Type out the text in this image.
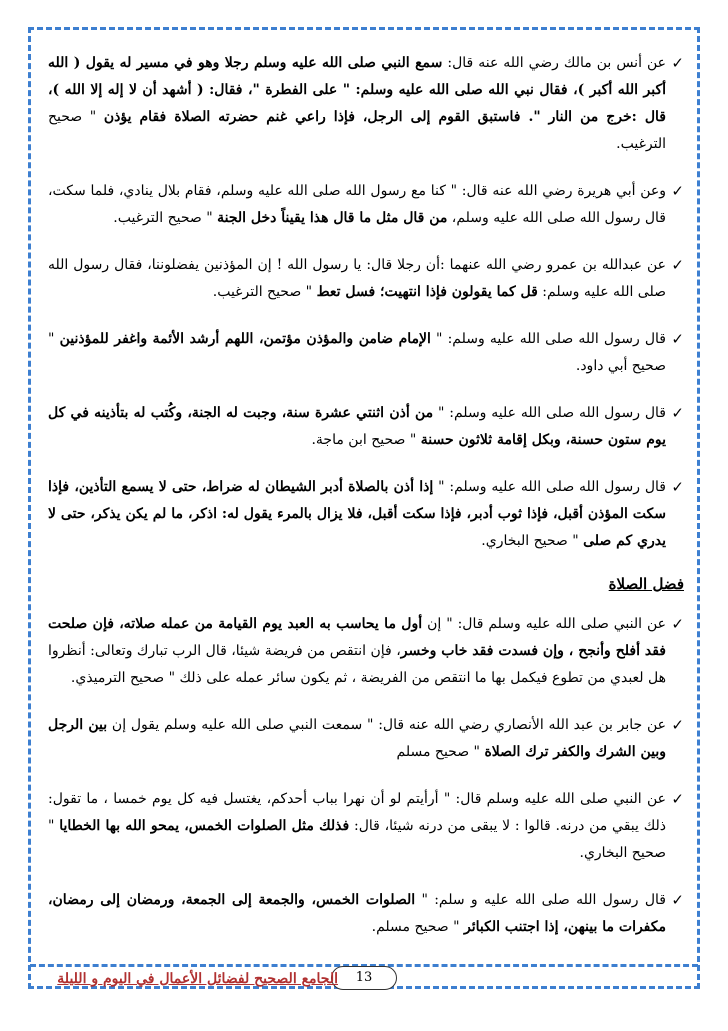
✓
عن أنس بن مالك رضي الله عنه قال: سمع النبي صلى الله عليه وسلم رجلا وهو في مسير له يقول ( الله أكبر الله أكبر )، فقال نبي الله صلى الله عليه وسلم: " على الفطرة "، فقال: ( أشهد أن لا إله إلا الله )، قال :خرج من النار ". فاستبق القوم إلى الرجل، فإذا راعي غنم حضرته الصلاة فقام يؤذن " صحيح الترغيب.
✓
وعن أبي هريرة رضي الله عنه قال: " كنا مع رسول الله صلى الله عليه وسلم، فقام بلال ينادي، فلما سكت، قال رسول الله صلى الله عليه وسلم، من قال مثل ما قال هذا يقيناً دخل الجنة " صحيح الترغيب.
✓
عن عبدالله بن عمرو رضي الله عنهما :أن رجلا قال: يا رسول الله ! إن المؤذنين يفضلوننا، فقال رسول الله صلى الله عليه وسلم: قل كما يقولون فإذا انتهيت؛ فسل تعط " صحيح الترغيب.
✓
قال رسول الله صلى الله عليه وسلم: " الإمام ضامن والمؤذن مؤتمن، اللهم أرشد الأئمة واغفر للمؤذنين " صحيح أبي داود.
✓
قال رسول الله صلى الله عليه وسلم: " من أذن اثنتي عشرة سنة، وجبت له الجنة، وكُتب له بتأذينه في كل يوم ستون حسنة، وبكل إقامة ثلاثون حسنة " صحيح ابن ماجة.
✓
قال رسول الله صلى الله عليه وسلم: " إذا أذن بالصلاة أدبر الشيطان له ضراط، حتى لا يسمع التأذين، فإذا سكت المؤذن أقبل، فإذا ثوب أدبر، فإذا سكت أقبل، فلا يزال بالمرء يقول له: اذكر، ما لم يكن يذكر، حتى لا يدري كم صلى " صحيح البخاري.
فضل الصلاة
✓
عن النبي صلى الله عليه وسلم قال: " إن أول ما يحاسب به العبد يوم القيامة من عمله صلاته، فإن صلحت فقد أفلح وأنجح ، وإن فسدت فقد خاب وخسر، فإن انتقص من فريضة شيئا، قال الرب تبارك وتعالى: أنظروا هل لعبدي من تطوع فيكمل بها ما انتقص من الفريضة ، ثم يكون سائر عمله على ذلك " صحيح الترميذي.
✓
عن جابر بن عبد الله الأنصاري رضي الله عنه قال: " سمعت النبي صلى الله عليه وسلم يقول إن بين الرجل وبين الشرك والكفر ترك الصلاة " صحيح مسلم
✓
عن النبي صلى الله عليه وسلم قال: " أرأيتم لو أن نهرا بباب أحدكم، يغتسل فيه كل يوم خمسا ، ما تقول: ذلك يبقي من درنه. قالوا : لا يبقى من درنه شيئا، قال: فذلك مثل الصلوات الخمس، يمحو الله بها الخطايا " صحيح البخاري.
✓
قال رسول الله صلى الله عليه و سلم: " الصلوات الخمس، والجمعة إلى الجمعة، ورمضان إلى رمضان، مكفرات ما بينهن، إذا اجتنب الكبائر " صحيح مسلم.
13
الجامع الصحيح لفضائل الأعمال في اليوم و الليلة
